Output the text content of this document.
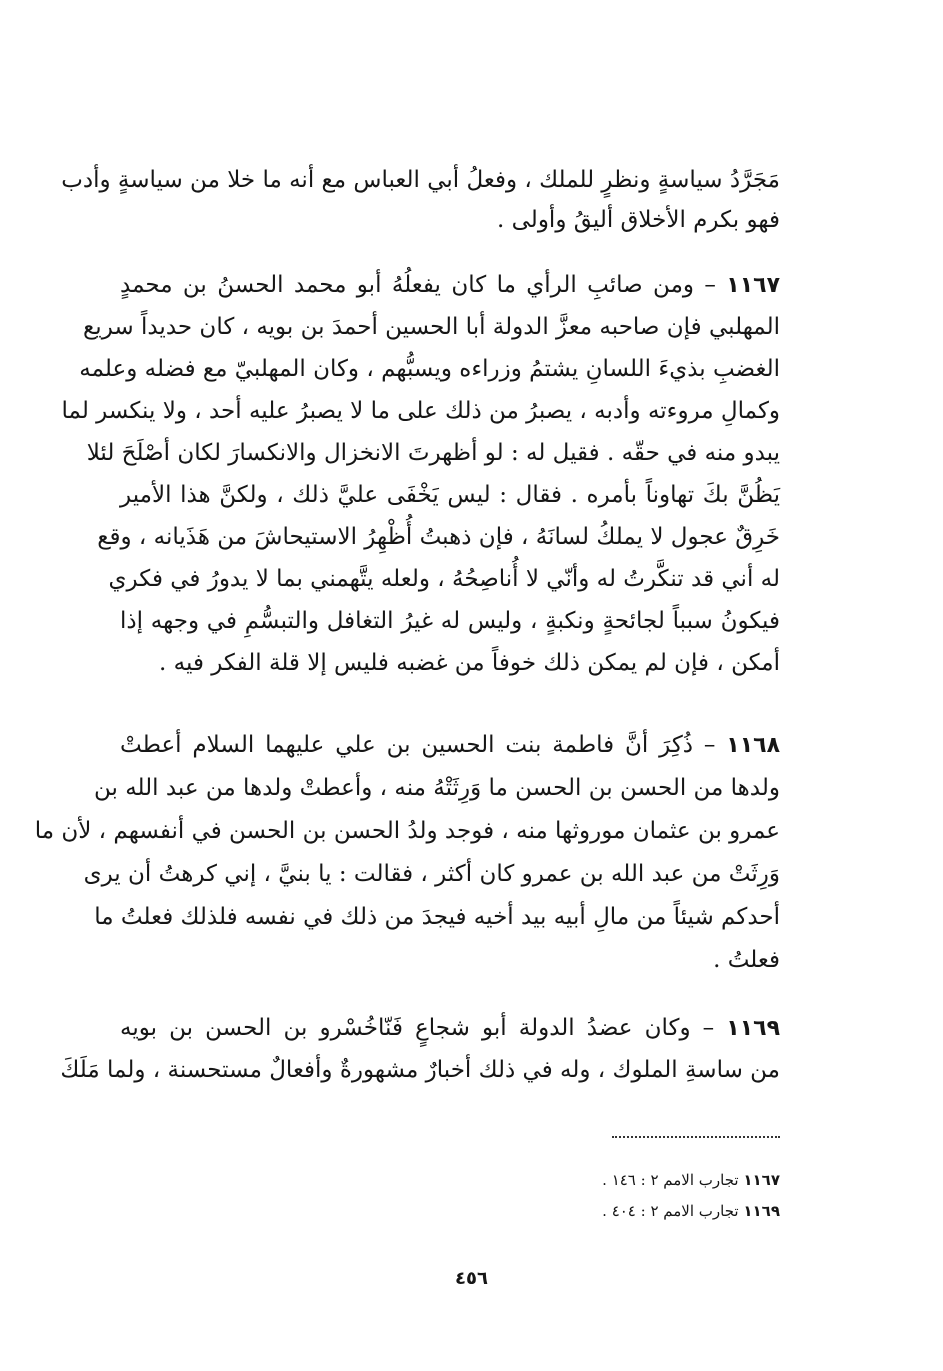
مَجَرَّدُ سياسةٍ ونظرٍ للملك ، وفعلُ أبي العباس مع أنه ما خلا من سياسةٍ وأدب
فهو بكرم الأخلاق أليقُ وأولى .
١١٦٧ – ومن صائبِ الرأي ما كان يفعلُهُ أبو محمد الحسنُ بن محمدٍ
المهلبي فإن صاحبه معزَّ الدولة أبا الحسين أحمدَ بن بويه ، كان حديداً سريع
الغضبِ بذيءَ اللسانِ يشتمُ وزراءه ويسبُّهم ، وكان المهلبيّ مع فضله وعلمه
وكمالِ مروءته وأدبه ، يصبرُ من ذلك على ما لا يصبرُ عليه أحد ، ولا ينكسر لما
يبدو منه في حقّه . فقيل له : لو أظهرتَ الانخزال والانكسارَ لكان أصْلَحَ لئلا
يَظُنَّ بكَ تهاوناً بأمره . فقال : ليس يَخْفَى عليَّ ذلك ، ولكنَّ هذا الأمير
خَرِقٌ عجول لا يملكُ لسانَهُ ، فإن ذهبتُ أُظْهِرُ الاستيحاشَ من هَذَيانه ، وقع
له أني قد تنكَّرتُ له وأنّي لا أُناصِحُهُ ، ولعله يتَّهمني بما لا يدورُ في فكري
فيكونُ سبباً لجائحةٍ ونكبةٍ ، وليس له غيرُ التغافل والتبسُّمِ في وجهه إذا
أمكن ، فإن لم يمكن ذلك خوفاً من غضبه فليس إلا قلة الفكر فيه .
١١٦٨ – ذُكِرَ أنَّ فاطمة بنت الحسين بن علي عليهما السلام أعطتْ
ولدها من الحسن بن الحسن ما وَرِثَتْهُ منه ، وأعطتْ ولدها من عبد الله بن
عمرو بن عثمان موروثها منه ، فوجد ولدُ الحسن بن الحسن في أنفسهم ، لأن ما
وَرِثَتْ من عبد الله بن عمرو كان أكثر ، فقالت : يا بنيَّ ، إني كرهتُ أن يرى
أحدكم شيئاً من مالِ أبيه بيد أخيه فيجدَ من ذلك في نفسه فلذلك فعلتُ ما
فعلتُ .
١١٦٩ – وكان عضدُ الدولة أبو شجاعٍ فَنّاخُسْرو بن الحسن بن بويه
من ساسةِ الملوك ، وله في ذلك أخبارٌ مشهورةٌ وأفعالٌ مستحسنة ، ولما مَلَكَ
١١٦٧ تجارب الامم ٢ : ١٤٦ .
١١٦٩ تجارب الامم ٢ : ٤٠٤ .
٤٥٦
